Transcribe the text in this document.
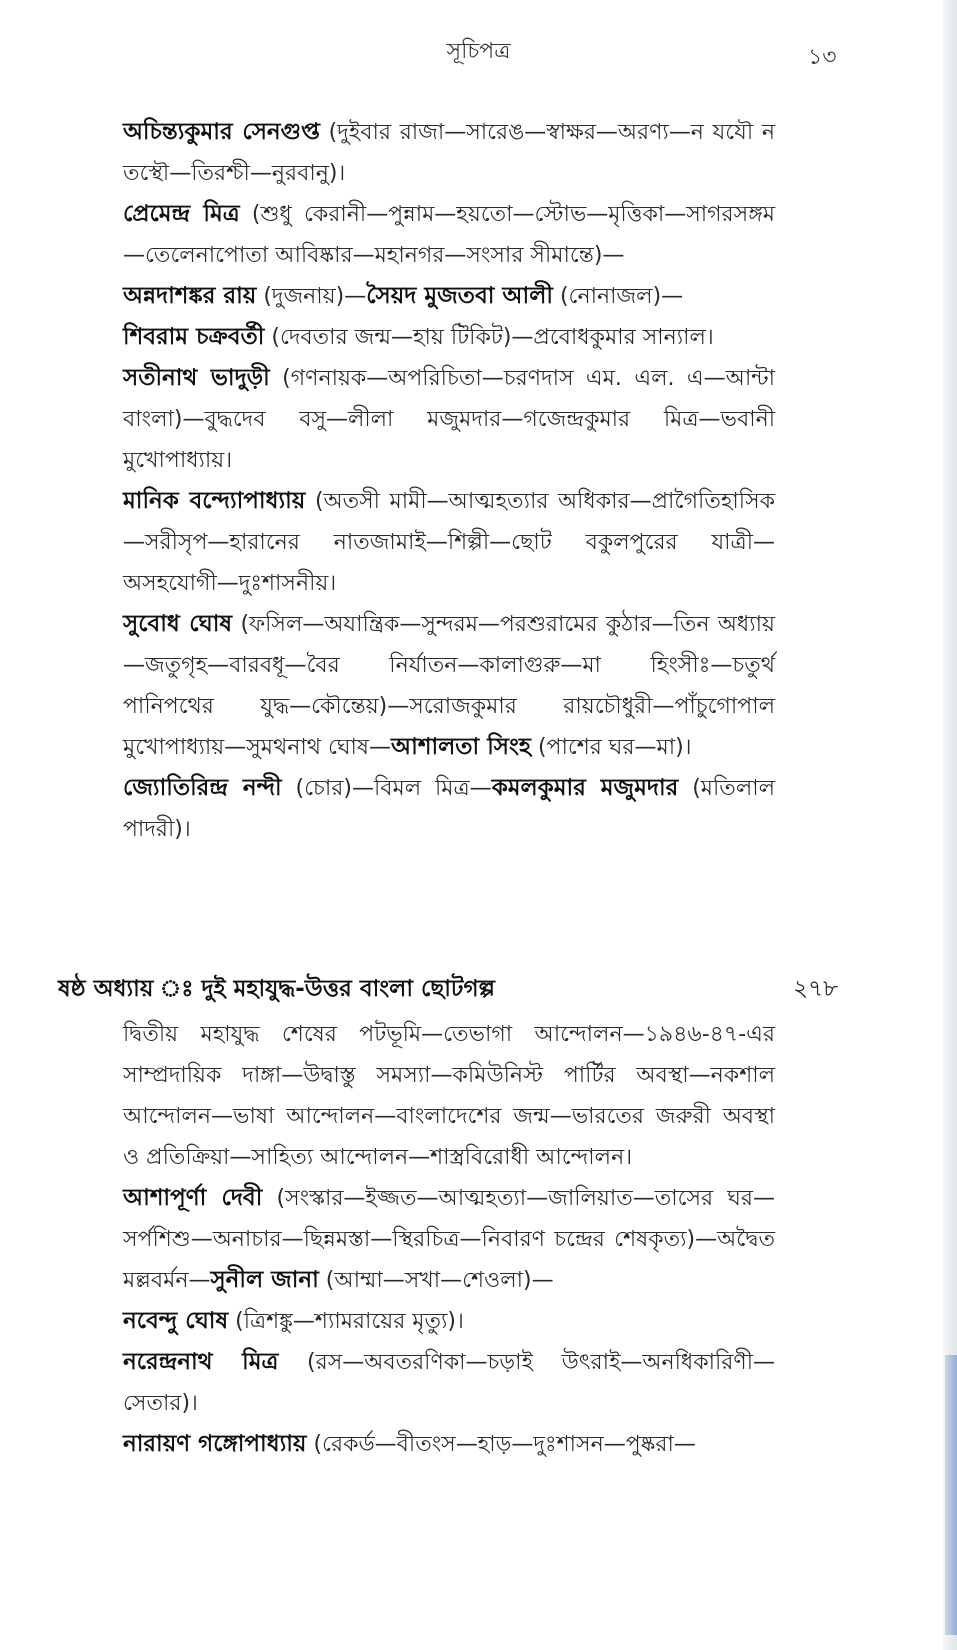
সূচিপত্র	১৩

অচিন্ত্যকুমার সেনগুপ্ত (দুইবার রাজা—সারেঙ—স্বাক্ষর—অরণ্য—ন যযৌ ন তস্থৌ—তিরশ্চী—নুরবানু)।

প্রেমেন্দ্র মিত্র (শুধু কেরানী—পুন্নাম—হয়তো—স্টোভ—মৃত্তিকা—সাগরসঙ্গম—তেলেনাপোতা আবিষ্কার—মহানগর—সংসার সীমান্তে)—

অন্নদাশঙ্কর রায় (দুজনায়)—সৈয়দ মুজতবা আলী (নোনাজল)—

শিবরাম চক্রবর্তী (দেবতার জন্ম—হায় টিকিট)—প্রবোধকুমার সান্যাল।

সতীনাথ ভাদুড়ী (গণনায়ক—অপরিচিতা—চরণদাস এম. এল. এ—আন্টা বাংলা)—বুদ্ধদেব বসু—লীলা মজুমদার—গজেন্দ্রকুমার মিত্র—ভবানী মুখোপাধ্যায়।

মানিক বন্দ্যোপাধ্যায় (অতসী মামী—আত্মহত্যার অধিকার—প্রাগৈতিহাসিক—সরীসৃপ—হারানের নাতজামাই—শিল্পী—ছোট বকুলপুরের যাত্রী—অসহযোগী—দুঃশাসনীয়।

সুবোধ ঘোষ (ফসিল—অযান্ত্রিক—সুন্দরম—পরশুরামের কুঠার—তিন অধ্যায়—জতুগৃহ—বারবধূ—বৈর নির্যাতন—কালাগুরু—মা হিংসীঃ—চতুর্থ পানিপথের যুদ্ধ—কৌন্তেয়)—সরোজকুমার রায়চৌধুরী—পাঁচুগোপাল মুখোপাধ্যায়—সুমথনাথ ঘোষ—আশালতা সিংহ (পাশের ঘর—মা)।

জ্যোতিরিন্দ্র নন্দী (চোর)—বিমল মিত্র—কমলকুমার মজুমদার (মতিলাল পাদরী)।

ষষ্ঠ অধ্যায় ঃ দুই মহাযুদ্ধ-উত্তর বাংলা ছোটগল্প	২৭৮

দ্বিতীয় মহাযুদ্ধ শেষের পটভূমি—তেভাগা আন্দোলন—১৯৪৬-৪৭-এর সাম্প্রদায়িক দাঙ্গা—উদ্বাস্তু সমস্যা—কমিউনিস্ট পার্টির অবস্থা—নকশাল আন্দোলন—ভাষা আন্দোলন—বাংলাদেশের জন্ম—ভারতের জরুরী অবস্থা ও প্রতিক্রিয়া—সাহিত্য আন্দোলন—শাস্ত্রবিরোধী আন্দোলন।

আশাপূর্ণা দেবী (সংস্কার—ইজ্জত—আত্মহত্যা—জালিয়াত—তাসের ঘর—সর্পশিশু—অনাচার—ছিন্নমস্তা—স্থিরচিত্র—নিবারণ চন্দ্রের শেষকৃত্য)—অদ্বৈত মল্লবর্মন—সুনীল জানা (আম্মা—সখা—শেওলা)—

নবেন্দু ঘোষ (ত্রিশঙ্কু—শ্যামরায়ের মৃত্যু)।

নরেন্দ্রনাথ মিত্র (রস—অবতরণিকা—চড়াই উৎরাই—অনধিকারিণী—সেতার)।

নারায়ণ গঙ্গোপাধ্যায় (রেকর্ড—বীতংস—হাড়—দুঃশাসন—পুষ্করা—
